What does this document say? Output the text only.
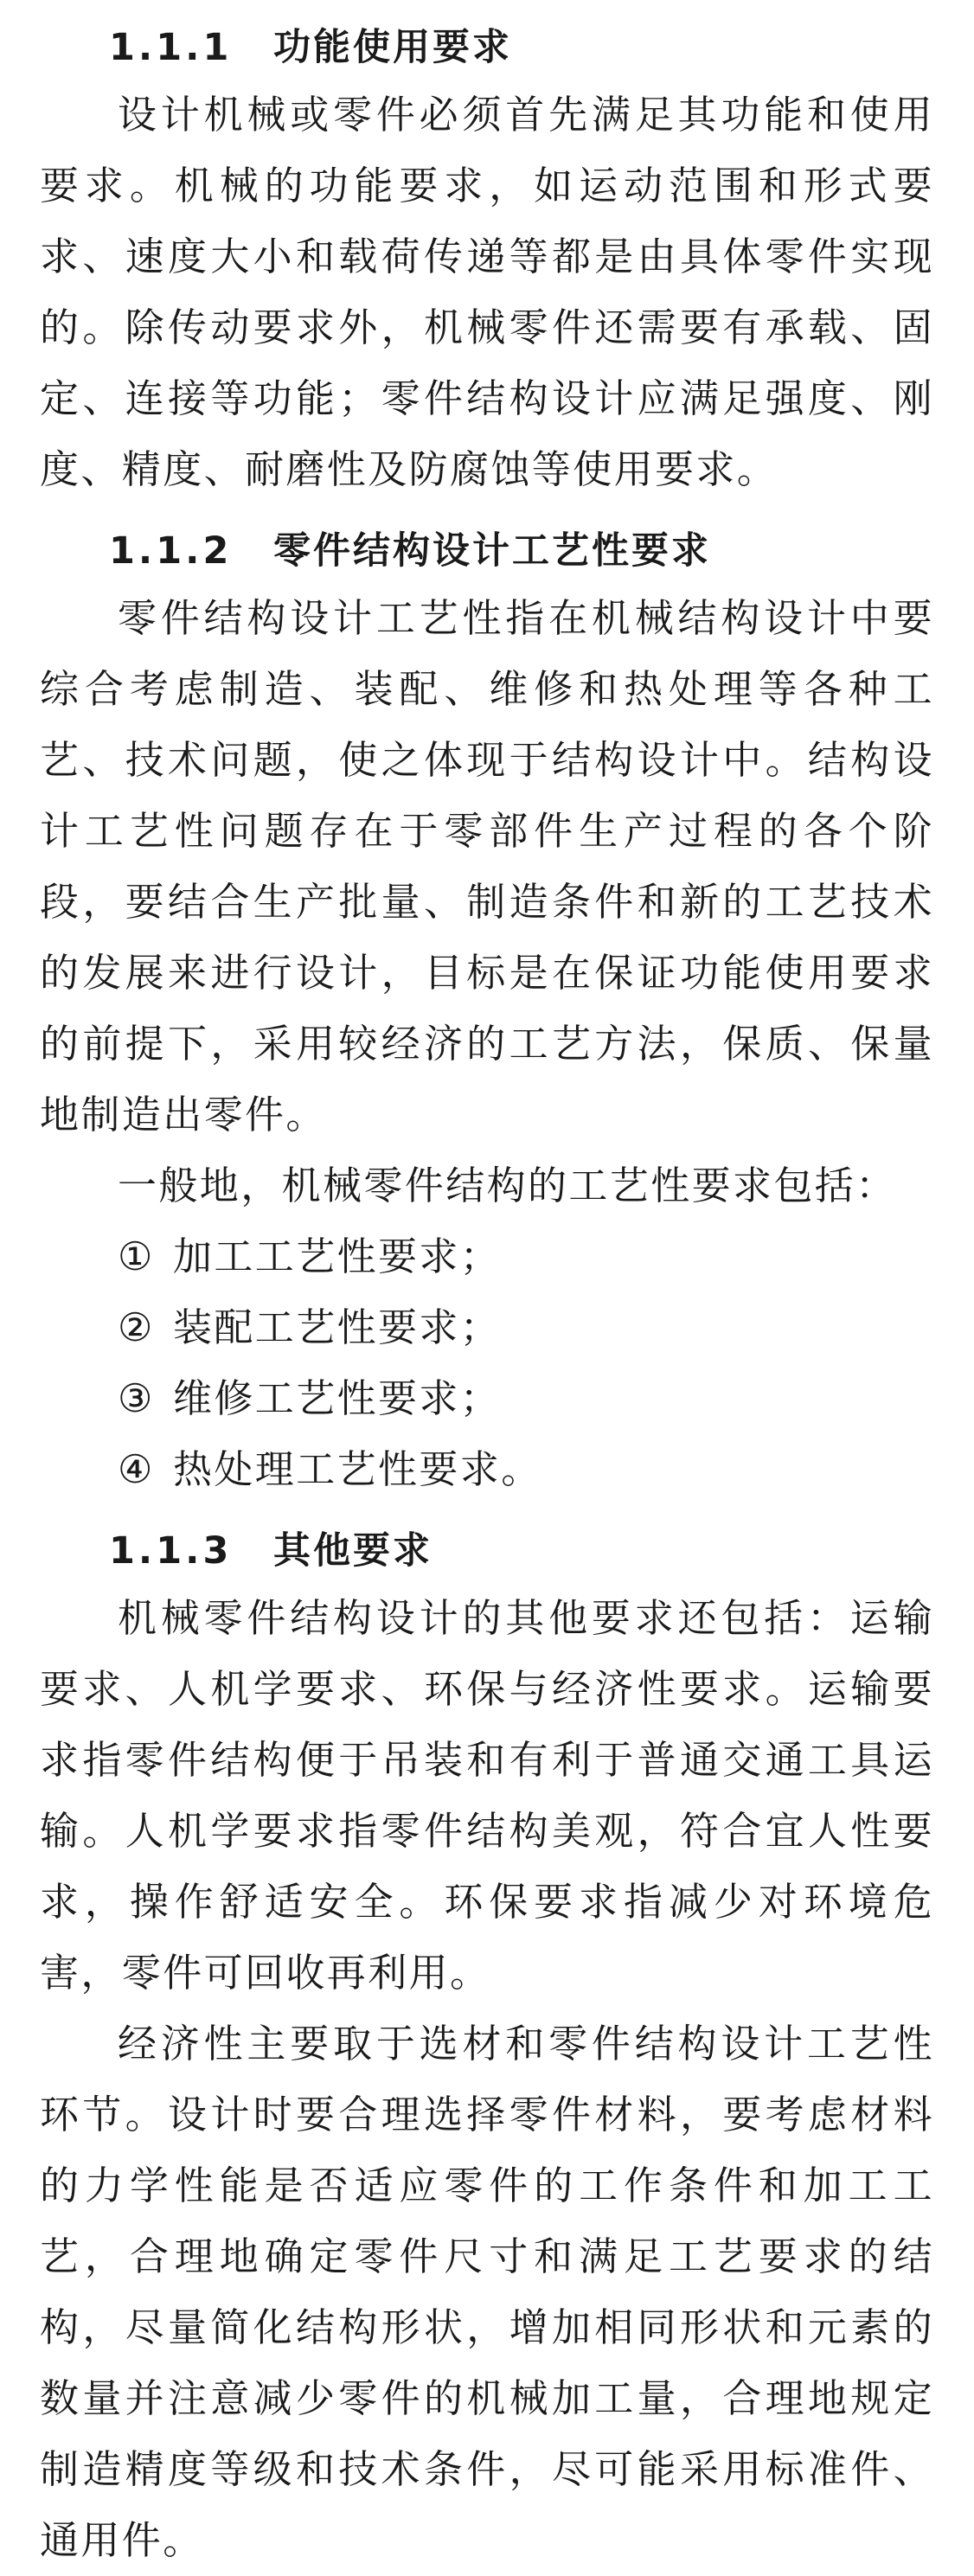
1.1.1	功能使用要求

设计机械或零件必须首先满足其功能和使用要求。机械的功能要求，如运动范围和形式要求、速度大小和载荷传递等都是由具体零件实现的。除传动要求外，机械零件还需要有承载、固定、连接等功能；零件结构设计应满足强度、刚度、精度、耐磨性及防腐蚀等使用要求。

1.1.2	零件结构设计工艺性要求

零件结构设计工艺性指在机械结构设计中要综合考虑制造、装配、维修和热处理等各种工艺、技术问题，使之体现于结构设计中。结构设计工艺性问题存在于零部件生产过程的各个阶段，要结合生产批量、制造条件和新的工艺技术的发展来进行设计，目标是在保证功能使用要求的前提下，采用较经济的工艺方法，保质、保量地制造出零件。

一般地，机械零件结构的工艺性要求包括：

① 加工工艺性要求；
② 装配工艺性要求；
③ 维修工艺性要求；
④ 热处理工艺性要求。
1.1.3	其他要求

机械零件结构设计的其他要求还包括：运输要求、人机学要求、环保与经济性要求。运输要求指零件结构便于吊装和有利于普通交通工具运输。人机学要求指零件结构美观，符合宜人性要求，操作舒适安全。环保要求指减少对环境危害，零件可回收再利用。

经济性主要取于选材和零件结构设计工艺性环节。设计时要合理选择零件材料，要考虑材料的力学性能是否适应零件的工作条件和加工工艺，合理地确定零件尺寸和满足工艺要求的结构，尽量简化结构形状，增加相同形状和元素的数量并注意减少零件的机械加工量，合理地规定制造精度等级和技术条件，尽可能采用标准件、通用件。
